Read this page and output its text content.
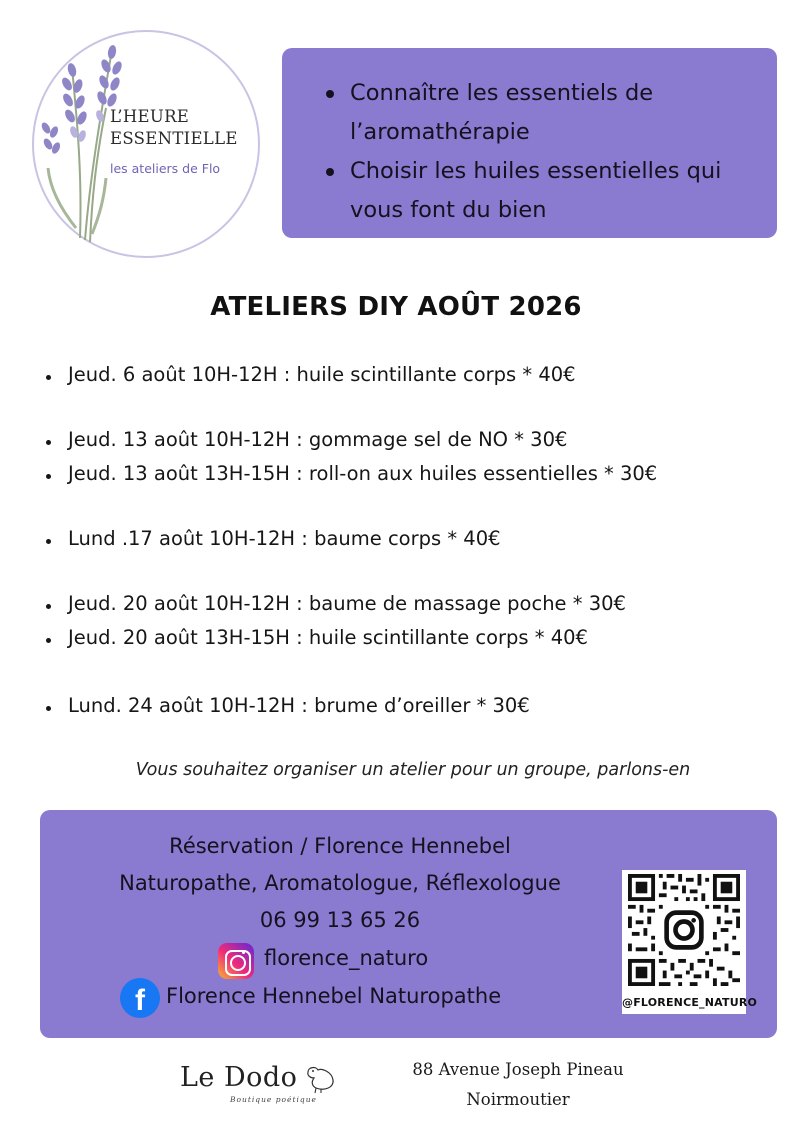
L’HEURE
ESSENTIELLE
les ateliers de Flo
Connaître les essentiels de l’aromathérapie
Choisir les huiles essentielles qui vous font du bien
ATELIERS DIY AOÛT 2026
Jeud. 6 août 10H-12H : huile scintillante corps * 40€
Jeud. 13 août 10H-12H : gommage sel de NO * 30€
Jeud. 13 août 13H-15H : roll-on aux huiles essentielles * 30€
Lund .17 août 10H-12H : baume corps * 40€
Jeud. 20 août 10H-12H : baume de massage poche * 30€
Jeud. 20 août 13H-15H : huile scintillante corps * 40€
Lund. 24 août 10H-12H : brume d’oreiller * 30€
Vous souhaitez organiser un atelier pour un groupe, parlons-en
Réservation / Florence Hennebel
Naturopathe, Aromatologue, Réflexologue
06 99 13 65 26
florence_naturo
f	Florence Hennebel Naturopathe	@FLORENCE_NATURO
Le Dodo
Boutique poétique
88 Avenue Joseph Pineau
Noirmoutier
